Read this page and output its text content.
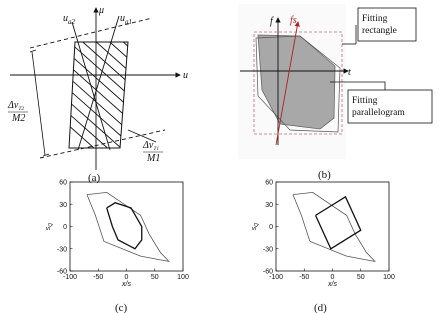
u
μ
$u_{a1}$
$u_{a2}$
$\Delta v_{T2}$
M2
$\Delta v_{T1}$
M1
(a)
f fs
t
Fitting
rectangle
Fitting
parallelogram
(b)
-100 -50	0	50	100
60
30
0
-30
-60
x/s
$s_Q$
-100 -50	0	50	100
60
30
0
-30
-60
x/s
$s_Q$
(c)	(d)
